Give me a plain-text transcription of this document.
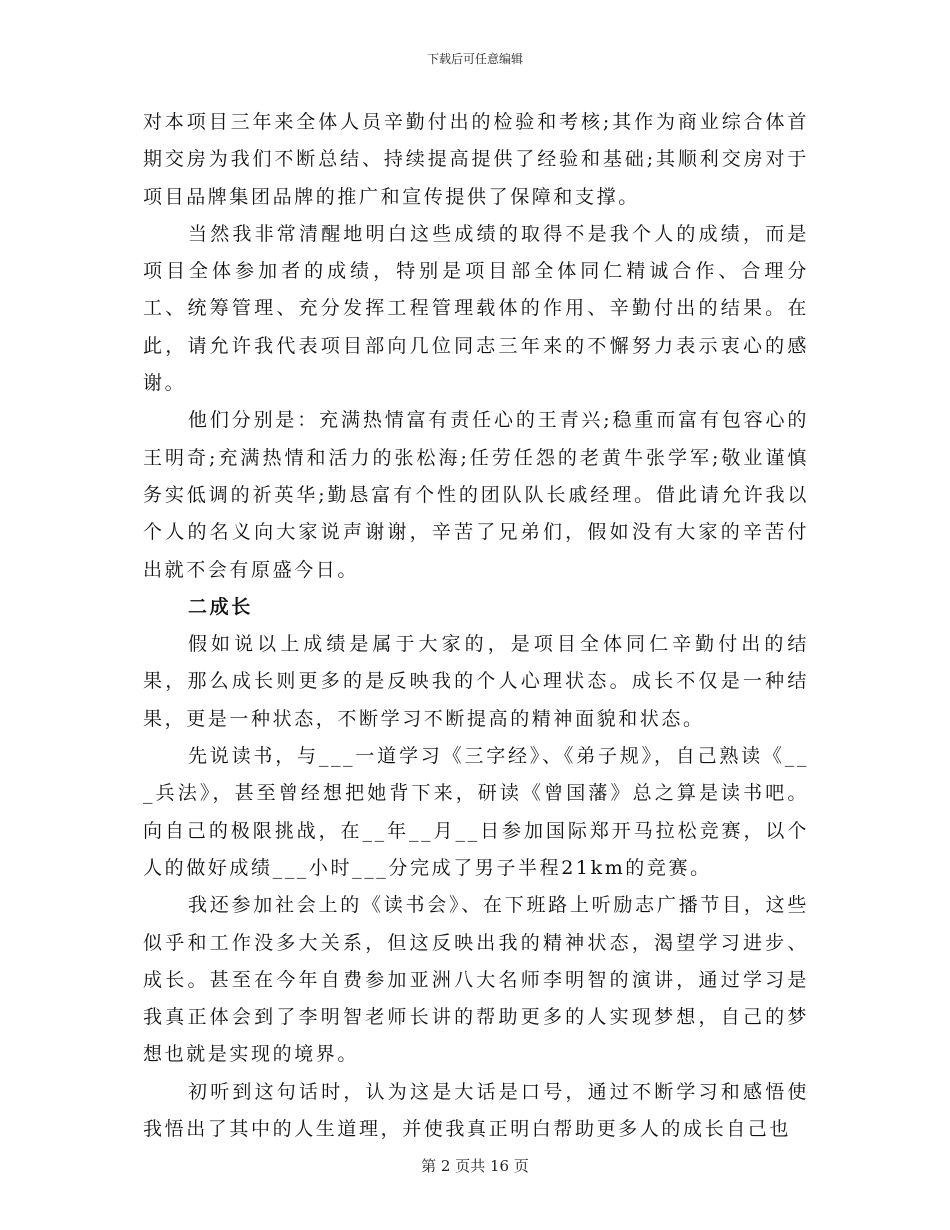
下载后可任意编辑

对本项目三年来全体人员辛勤付出的检验和考核;其作为商业综合体首期交房为我们不断总结、持续提高提供了经验和基础;其顺利交房对于项目品牌集团品牌的推广和宣传提供了保障和支撑。

当然我非常清醒地明白这些成绩的取得不是我个人的成绩，而是项目全体参加者的成绩，特别是项目部全体同仁精诚合作、合理分工、统筹管理、充分发挥工程管理载体的作用、辛勤付出的结果。在此，请允许我代表项目部向几位同志三年来的不懈努力表示衷心的感谢。

他们分别是：充满热情富有责任心的王青兴;稳重而富有包容心的王明奇;充满热情和活力的张松海;任劳任怨的老黄牛张学军;敬业谨慎务实低调的祈英华;勤恳富有个性的团队队长戚经理。借此请允许我以个人的名义向大家说声谢谢，辛苦了兄弟们，假如没有大家的辛苦付出就不会有原盛今日。

二成长

假如说以上成绩是属于大家的，是项目全体同仁辛勤付出的结果，那么成长则更多的是反映我的个人心理状态。成长不仅是一种结果，更是一种状态，不断学习不断提高的精神面貌和状态。

先说读书，与___一道学习《三字经》、《弟子规》，自己熟读《___兵法》，甚至曾经想把她背下来，研读《曾国藩》总之算是读书吧。向自己的极限挑战，在__年__月__日参加国际郑开马拉松竞赛，以个人的做好成绩___小时___分完成了男子半程21km的竞赛。

我还参加社会上的《读书会》、在下班路上听励志广播节目，这些似乎和工作没多大关系，但这反映出我的精神状态，渴望学习进步、成长。甚至在今年自费参加亚洲八大名师李明智的演讲，通过学习是我真正体会到了李明智老师长讲的帮助更多的人实现梦想，自己的梦想也就是实现的境界。

初听到这句话时，认为这是大话是口号，通过不断学习和感悟使我悟出了其中的人生道理，并使我真正明白帮助更多人的成长自己也

第 2 页共 16 页
